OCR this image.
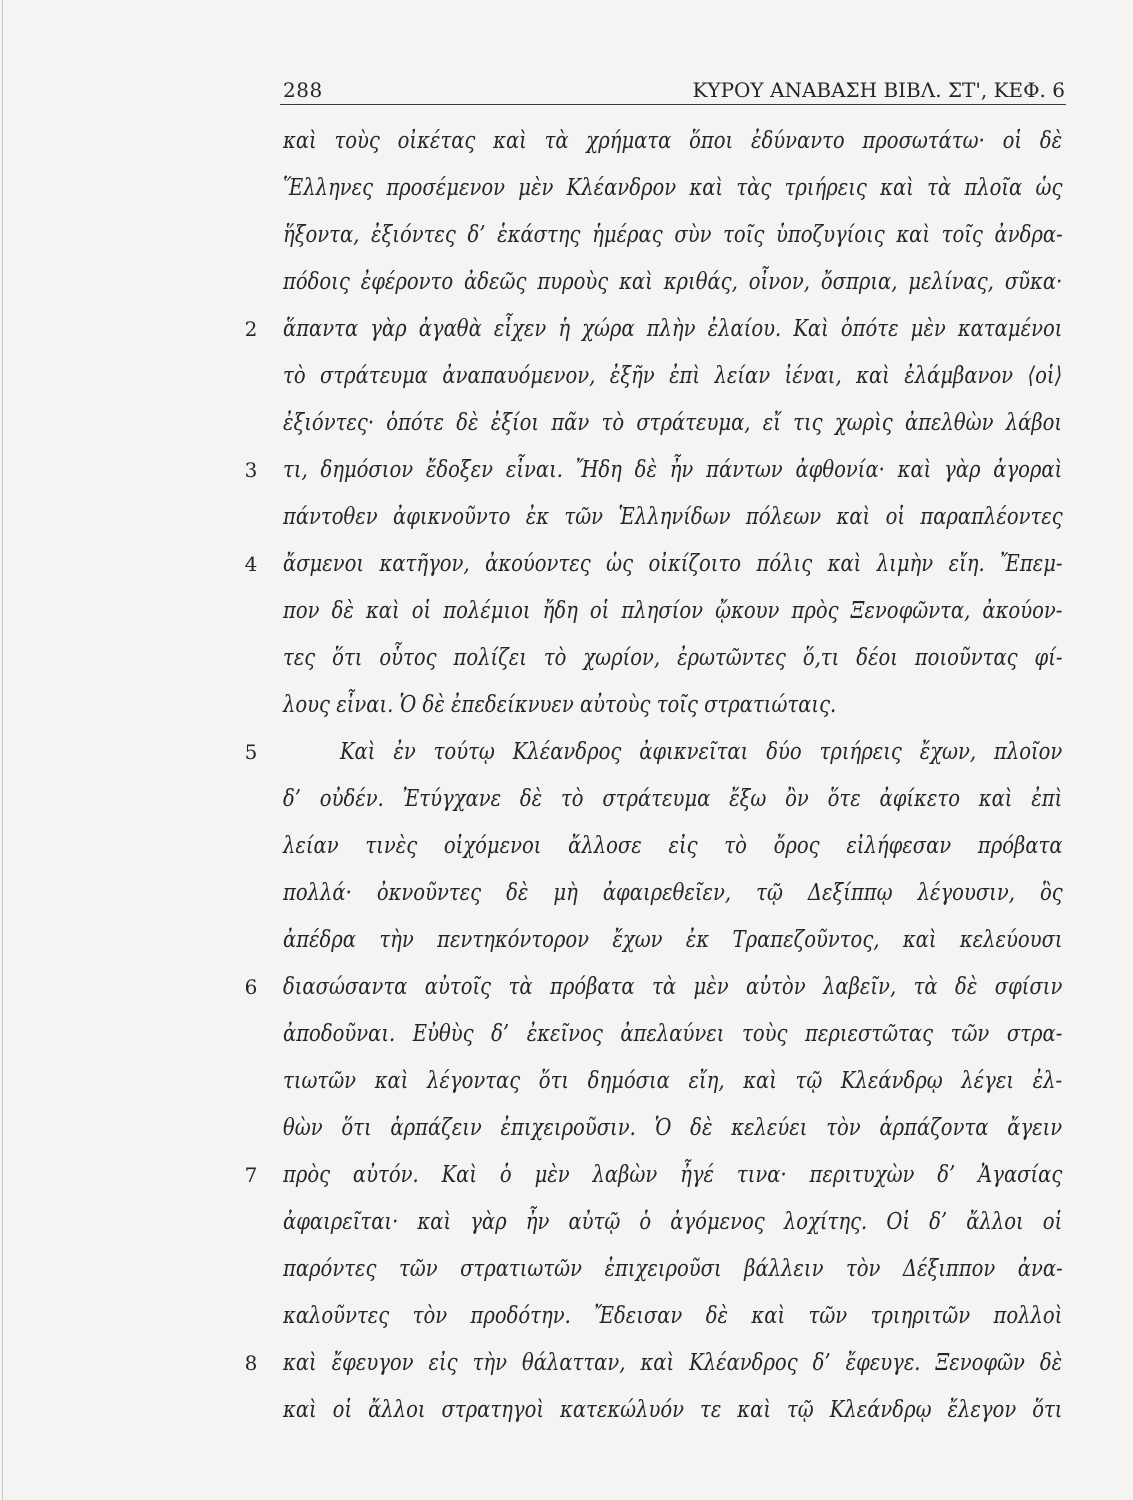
288	ΚΥΡΟΥ ΑΝΑΒΑΣΗ ΒΙΒΛ. ΣΤ', ΚΕΦ. 6
καὶ τοὺς οἰκέτας καὶ τὰ χρήματα ὅποι ἐδύναντο προσωτάτω· οἱ δὲ
Ἕλληνες προσέμενον μὲν Κλέανδρον καὶ τὰς τριήρεις καὶ τὰ πλοῖα ὡς
ἥξοντα, ἐξιόντες δ’ ἑκάστης ἡμέρας σὺν τοῖς ὑποζυγίοις καὶ τοῖς ἀνδρα-
πόδοις ἐφέροντο ἀδεῶς πυροὺς καὶ κριθάς, οἶνον, ὄσπρια, μελίνας, σῦκα·
2 ἅπαντα γὰρ ἀγαθὰ εἶχεν ἡ χώρα πλὴν ἐλαίου. Καὶ ὁπότε μὲν καταμένοι
τὸ στράτευμα ἀναπαυόμενον, ἐξῆν ἐπὶ λείαν ἰέναι, καὶ ἐλάμβανον ⟨οἱ⟩
ἐξιόντες· ὁπότε δὲ ἐξίοι πᾶν τὸ στράτευμα, εἴ τις χωρὶς ἀπελθὼν λάβοι
3 τι, δημόσιον ἔδοξεν εἶναι. Ἤδη δὲ ἦν πάντων ἀφθονία· καὶ γὰρ ἀγοραὶ
πάντοθεν ἀφικνοῦντο ἐκ τῶν Ἑλληνίδων πόλεων καὶ οἱ παραπλέοντες
4 ἄσμενοι κατῆγον, ἀκούοντες ὡς οἰκίζοιτο πόλις καὶ λιμὴν εἴη. Ἔπεμ-
πον δὲ καὶ οἱ πολέμιοι ἤδη οἱ πλησίον ᾤκουν πρὸς Ξενοφῶντα, ἀκούον-
τες ὅτι οὗτος πολίζει τὸ χωρίον, ἐρωτῶντες ὅ,τι δέοι ποιοῦντας φί-
λους εἶναι. Ὁ δὲ ἐπεδείκνυεν αὐτοὺς τοῖς στρατιώταις.
5	Καὶ ἐν τούτῳ Κλέανδρος ἀφικνεῖται δύο τριήρεις ἔχων, πλοῖον
δ’ οὐδέν. Ἐτύγχανε δὲ τὸ στράτευμα ἔξω ὂν ὅτε ἀφίκετο καὶ ἐπὶ
λείαν τινὲς οἰχόμενοι ἄλλοσε εἰς τὸ ὄρος εἰλήφεσαν πρόβατα
πολλά· ὀκνοῦντες δὲ μὴ ἀφαιρεθεῖεν, τῷ Δεξίππῳ λέγουσιν, ὃς
ἀπέδρα τὴν πεντηκόντορον ἔχων ἐκ Τραπεζοῦντος, καὶ κελεύουσι
6 διασώσαντα αὐτοῖς τὰ πρόβατα τὰ μὲν αὐτὸν λαβεῖν, τὰ δὲ σφίσιν
ἀποδοῦναι. Εὐθὺς δ’ ἐκεῖνος ἀπελαύνει τοὺς περιεστῶτας τῶν στρα-
τιωτῶν καὶ λέγοντας ὅτι δημόσια εἴη, καὶ τῷ Κλεάνδρῳ λέγει ἐλ-
θὼν ὅτι ἁρπάζειν ἐπιχειροῦσιν. Ὁ δὲ κελεύει τὸν ἁρπάζοντα ἄγειν
7 πρὸς αὐτόν. Καὶ ὁ μὲν λαβὼν ἦγέ τινα· περιτυχὼν δ’ Ἀγασίας
ἀφαιρεῖται· καὶ γὰρ ἦν αὐτῷ ὁ ἀγόμενος λοχίτης. Οἱ δ’ ἄλλοι οἱ
παρόντες τῶν στρατιωτῶν ἐπιχειροῦσι βάλλειν τὸν Δέξιππον ἀνα-
καλοῦντες τὸν προδότην. Ἔδεισαν δὲ καὶ τῶν τριηριτῶν πολλοὶ
8 καὶ ἔφευγον εἰς τὴν θάλατταν, καὶ Κλέανδρος δ’ ἔφευγε. Ξενοφῶν δὲ
καὶ οἱ ἄλλοι στρατηγοὶ κατεκώλυόν τε καὶ τῷ Κλεάνδρῳ ἔλεγον ὅτι
